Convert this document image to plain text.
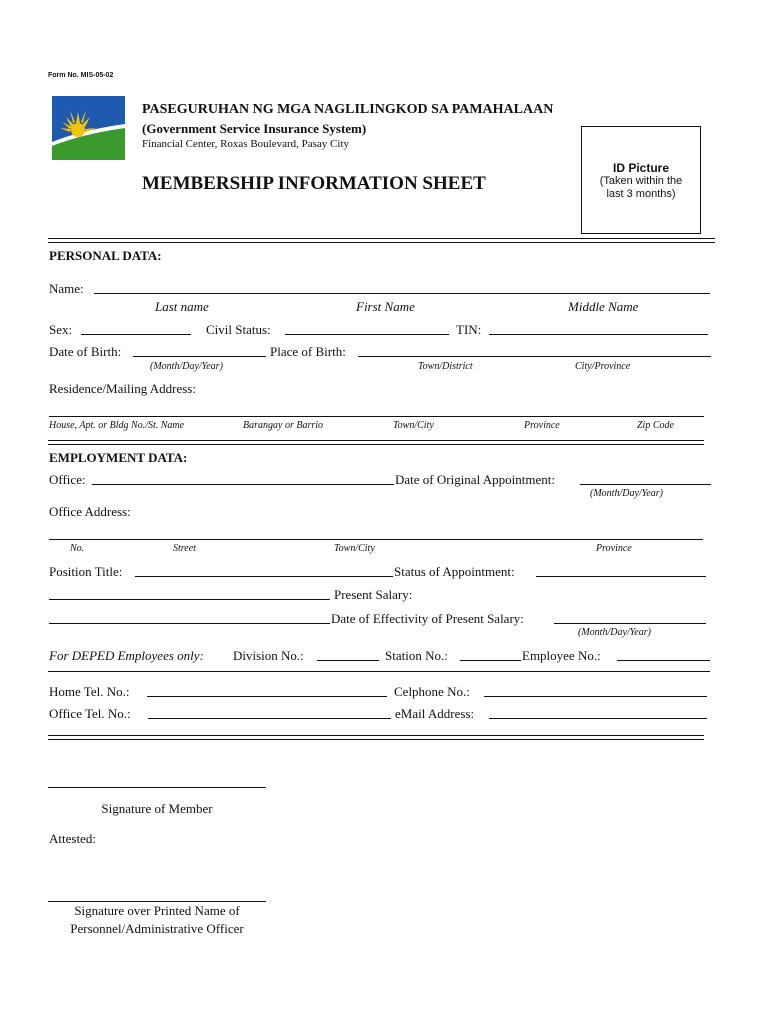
Form No. MIS-05-02
PASEGURUHAN NG MGA NAGLILINGKOD SA PAMAHALAAN
(Government Service Insurance System)
Financial Center, Roxas Boulevard, Pasay City
MEMBERSHIP INFORMATION SHEET
ID Picture
(Taken within the last 3 months)
PERSONAL DATA:
Name:
Last name	First Name	Middle Name
Sex:	Civil Status:	TIN:
Date of Birth:	Place of Birth:
(Month/Day/Year)	Town/District	City/Province
Residence/Mailing Address:
House, Apt. or Bldg No./St. Name	Barangay or Barrio	Town/City	Province	Zip Code
EMPLOYMENT DATA:
Office:	Date of Original Appointment:
(Month/Day/Year)
Office Address:
No.	Street	Town/City	Province
Position Title:	Status of Appointment:
Present Salary:
Date of Effectivity of Present Salary:
(Month/Day/Year)
For DEPED Employees only: Division No.:	Station No.:	Employee No.:
Home Tel. No.:	Celphone No.:
Office Tel. No.:	eMail Address:
Signature of Member
Attested:
Signature over Printed Name of
Personnel/Administrative Officer
